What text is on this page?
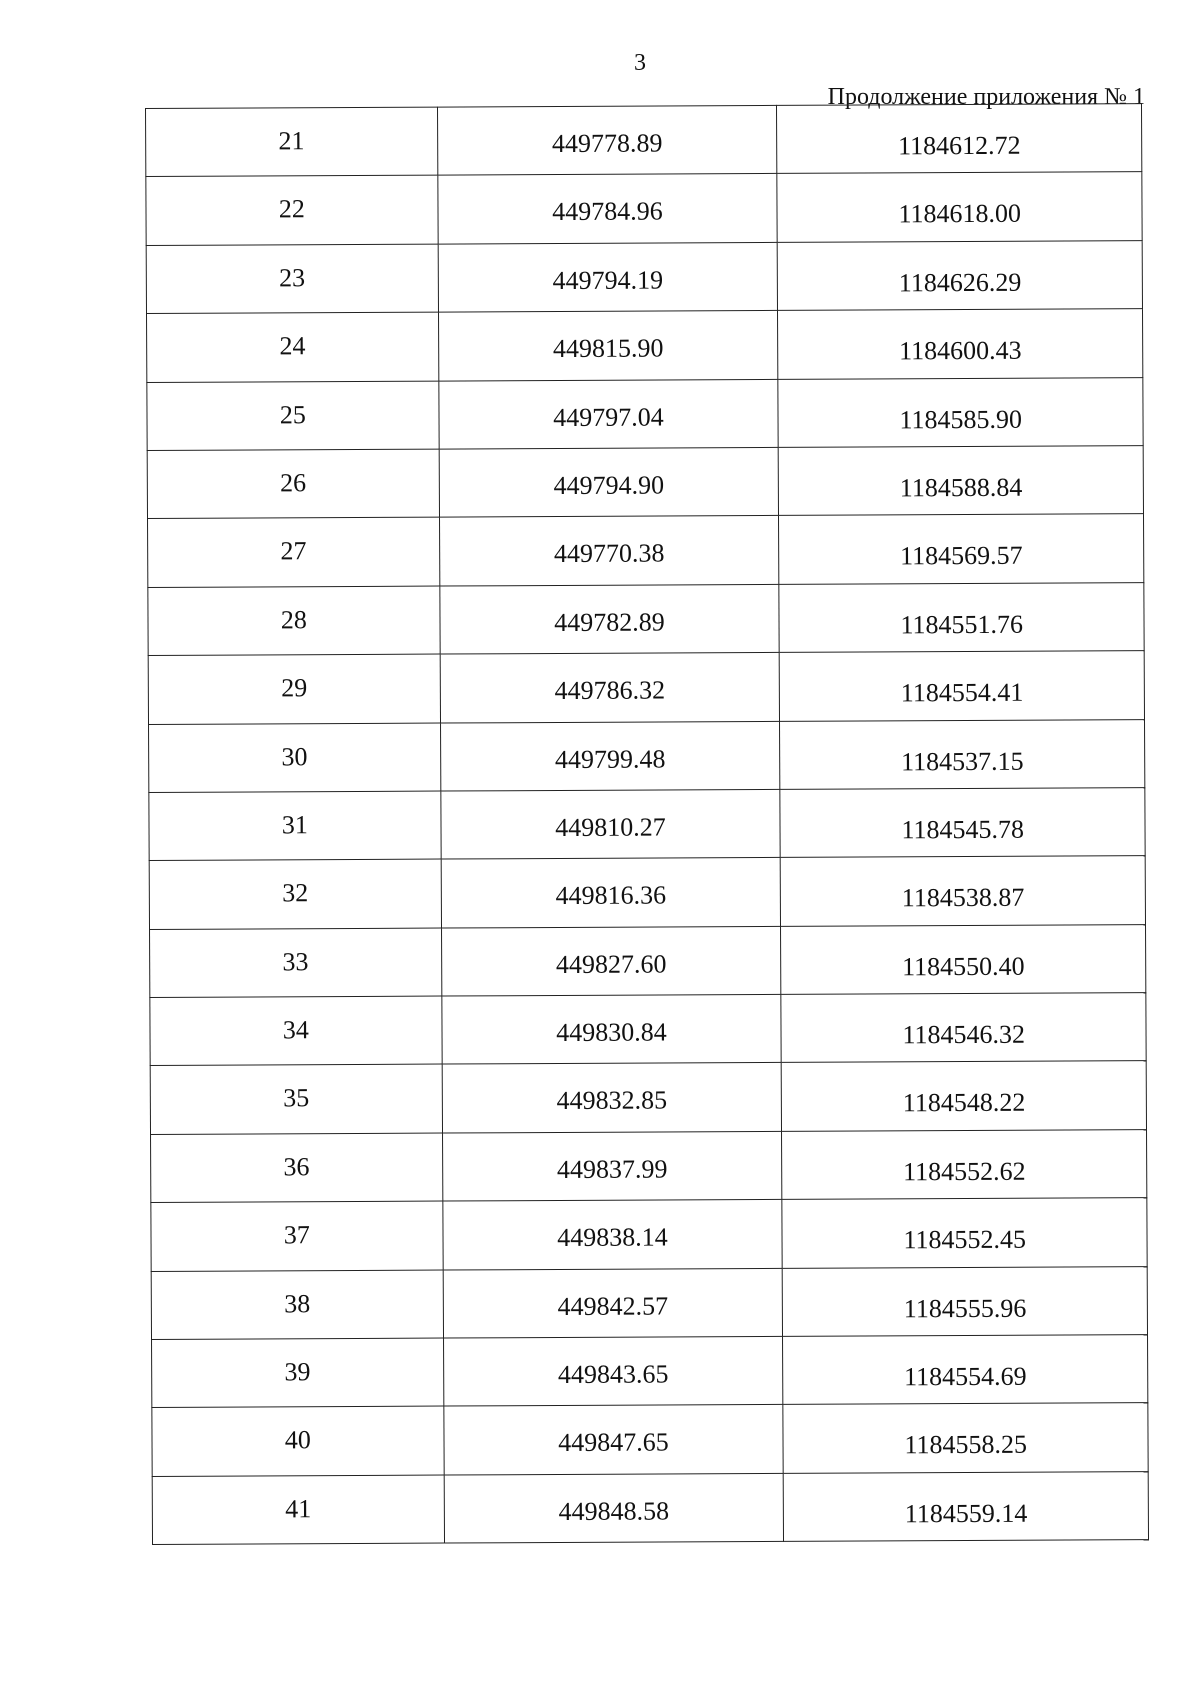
3
Продолжение приложения № 1
21	449778.89	1184612.72

22	449784.96	1184618.00

23	449794.19	1184626.29

24	449815.90	1184600.43

25	449797.04	1184585.90

26	449794.90	1184588.84

27	449770.38	1184569.57

28	449782.89	1184551.76

29	449786.32	1184554.41

30	449799.48	1184537.15

31	449810.27	1184545.78

32	449816.36	1184538.87

33	449827.60	1184550.40

34	449830.84	1184546.32

35	449832.85	1184548.22

36	449837.99	1184552.62

37	449838.14	1184552.45

38	449842.57	1184555.96

39	449843.65	1184554.69

40	449847.65	1184558.25

41	449848.58	1184559.14
